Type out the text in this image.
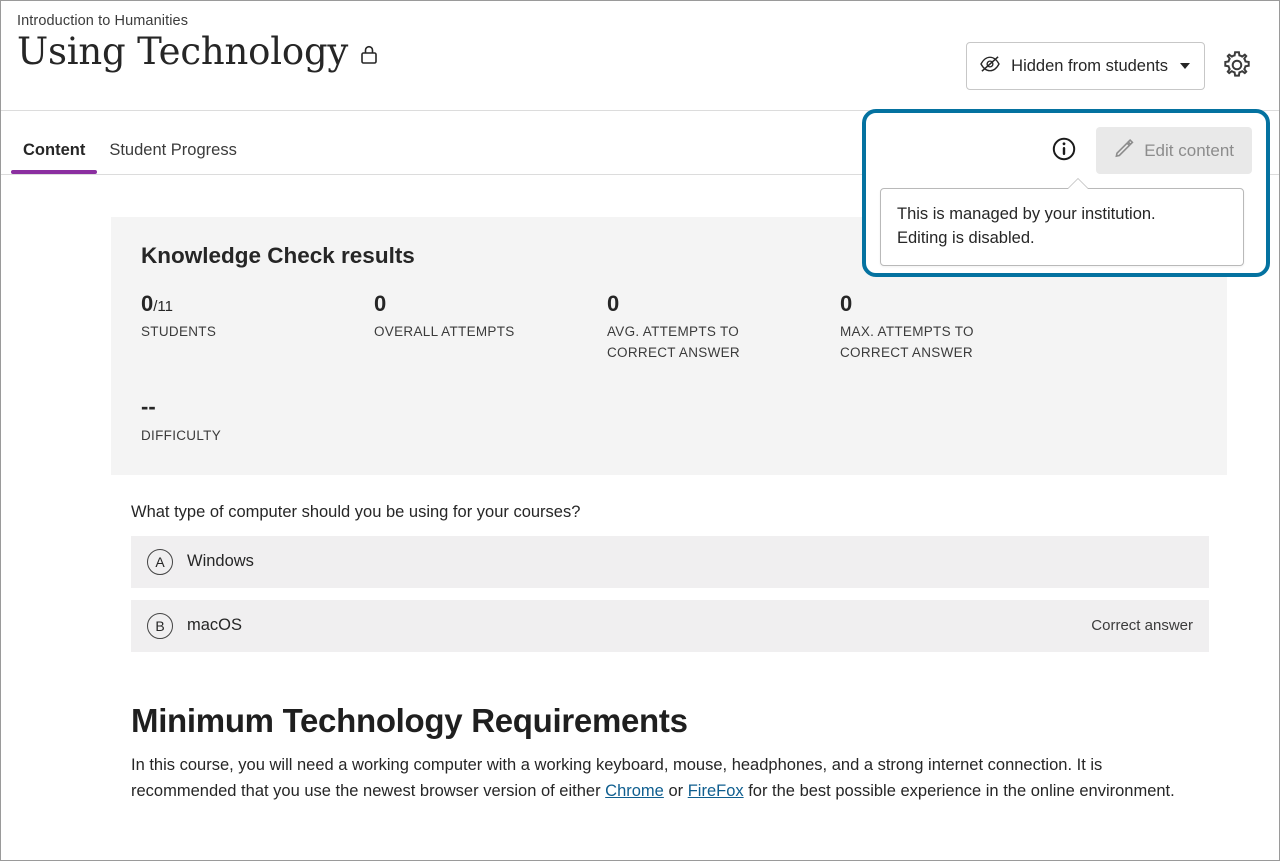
Introduction to Humanities
Using Technology	Hidden from students
Content	Student Progress	Edit content
This is managed by your institution.
Editing is disabled.
Knowledge Check results
0/11
STUDENTS
0
OVERALL ATTEMPTS
0
AVG. ATTEMPTS TO CORRECT ANSWER
0
MAX. ATTEMPTS TO CORRECT ANSWER
--
DIFFICULTY
What type of computer should you be using for your courses?
A	Windows
B	macOS	Correct answer
Minimum Technology Requirements
In this course, you will need a working computer with a working keyboard, mouse, headphones, and a strong internet connection. It is recommended that you use the newest browser version of either Chrome or FireFox for the best possible experience in the online environment.
